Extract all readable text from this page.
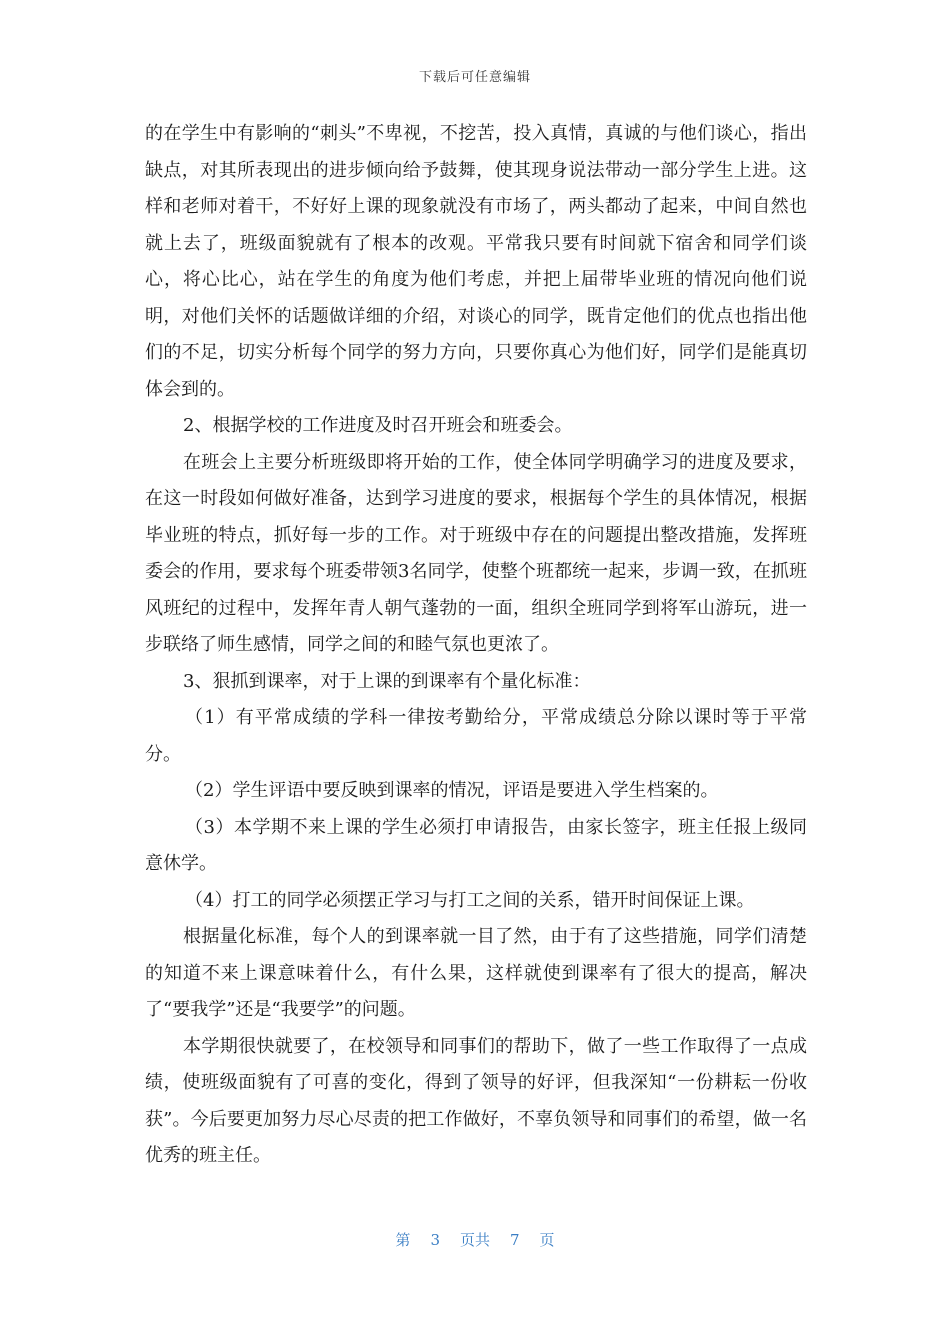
下载后可任意编辑

的在学生中有影响的“刺头”不卑视，不挖苦，投入真情，真诚的与他们谈心，指出缺点，对其所表现出的进步倾向给予鼓舞，使其现身说法带动一部分学生上进。这样和老师对着干，不好好上课的现象就没有市场了，两头都动了起来，中间自然也就上去了，班级面貌就有了根本的改观。平常我只要有时间就下宿舍和同学们谈心，将心比心，站在学生的角度为他们考虑，并把上届带毕业班的情况向他们说明，对他们关怀的话题做详细的介绍，对谈心的同学，既肯定他们的优点也指出他们的不足，切实分析每个同学的努力方向，只要你真心为他们好，同学们是能真切体会到的。

2、根据学校的工作进度及时召开班会和班委会。

在班会上主要分析班级即将开始的工作，使全体同学明确学习的进度及要求，在这一时段如何做好准备，达到学习进度的要求，根据每个学生的具体情况，根据毕业班的特点，抓好每一步的工作。对于班级中存在的问题提出整改措施，发挥班委会的作用，要求每个班委带领3名同学，使整个班都统一起来，步调一致，在抓班风班纪的过程中，发挥年青人朝气蓬勃的一面，组织全班同学到将军山游玩，进一步联络了师生感情，同学之间的和睦气氛也更浓了。

3、狠抓到课率，对于上课的到课率有个量化标准：

（1）有平常成绩的学科一律按考勤给分，平常成绩总分除以课时等于平常分。

（2）学生评语中要反映到课率的情况，评语是要进入学生档案的。

（3）本学期不来上课的学生必须打申请报告，由家长签字，班主任报上级同意休学。

（4）打工的同学必须摆正学习与打工之间的关系，错开时间保证上课。

根据量化标准，每个人的到课率就一目了然，由于有了这些措施，同学们清楚的知道不来上课意味着什么，有什么果，这样就使到课率有了很大的提高，解决了“要我学”还是“我要学”的问题。

本学期很快就要了，在校领导和同事们的帮助下，做了一些工作取得了一点成绩，使班级面貌有了可喜的变化，得到了领导的好评，但我深知“一份耕耘一份收获”。今后要更加努力尽心尽责的把工作做好，不辜负领导和同事们的希望，做一名优秀的班主任。

第 3 页共 7 页
